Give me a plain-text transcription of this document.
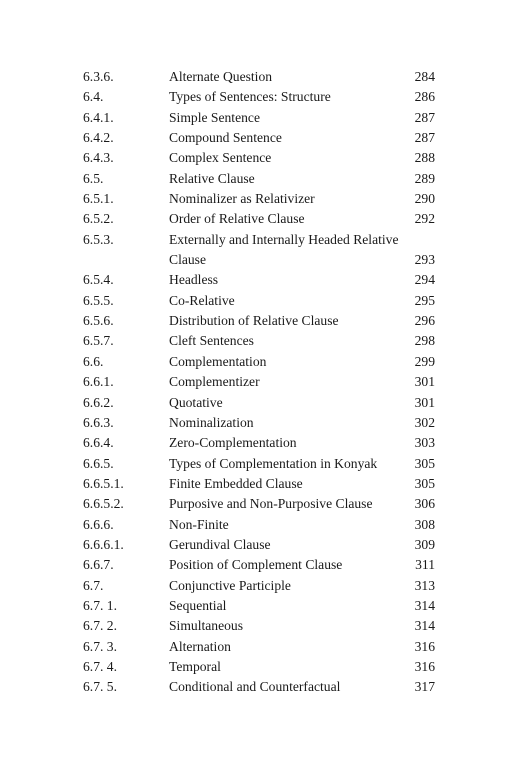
6.3.6.	Alternate Question	284
6.4.	Types of Sentences: Structure	286
6.4.1.	Simple Sentence	287
6.4.2.	Compound Sentence	287
6.4.3.	Complex Sentence	288
6.5.	Relative Clause	289
6.5.1.	Nominalizer as Relativizer	290
6.5.2.	Order of Relative Clause	292
6.5.3.	Externally and Internally Headed Relative Clause	293
6.5.4.	Headless	294
6.5.5.	Co-Relative	295
6.5.6.	Distribution of Relative Clause	296
6.5.7.	Cleft Sentences	298
6.6.	Complementation	299
6.6.1.	Complementizer	301
6.6.2.	Quotative	301
6.6.3.	Nominalization	302
6.6.4.	Zero-Complementation	303
6.6.5.	Types of Complementation in Konyak	305
6.6.5.1.	Finite Embedded Clause	305
6.6.5.2.	Purposive and Non-Purposive Clause	306
6.6.6.	Non-Finite	308
6.6.6.1.	Gerundival Clause	309
6.6.7.	Position of Complement Clause	311
6.7.	Conjunctive Participle	313
6.7. 1.	Sequential	314
6.7. 2.	Simultaneous	314
6.7. 3.	Alternation	316
6.7. 4.	Temporal	316
6.7. 5.	Conditional and Counterfactual	317
